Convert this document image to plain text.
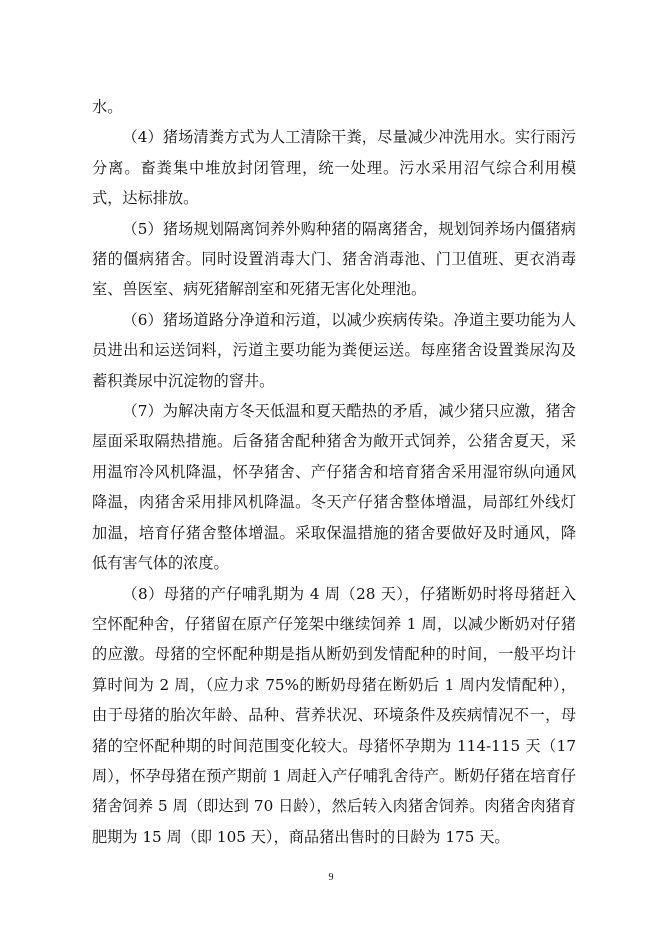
水。

（4）猪场清粪方式为人工清除干粪，尽量减少冲洗用水。实行雨污分离。畜粪集中堆放封闭管理，统一处理。污水采用沼气综合利用模式，达标排放。

（5）猪场规划隔离饲养外购种猪的隔离猪舍，规划饲养场内僵猪病猪的僵病猪舍。同时设置消毒大门、猪舍消毒池、门卫值班、更衣消毒室、兽医室、病死猪解剖室和死猪无害化处理池。

（6）猪场道路分净道和污道，以减少疾病传染。净道主要功能为人员进出和运送饲料，污道主要功能为粪便运送。每座猪舍设置粪尿沟及蓄积粪尿中沉淀物的窨井。

（7）为解决南方冬天低温和夏天酷热的矛盾，减少猪只应激，猪舍屋面采取隔热措施。后备猪舍配种猪舍为敞开式饲养，公猪舍夏天，采用温帘冷风机降温，怀孕猪舍、产仔猪舍和培育猪舍采用湿帘纵向通风降温，肉猪舍采用排风机降温。冬天产仔猪舍整体增温，局部红外线灯加温，培育仔猪舍整体增温。采取保温措施的猪舍要做好及时通风，降低有害气体的浓度。

（8）母猪的产仔哺乳期为 4 周（28 天），仔猪断奶时将母猪赶入空怀配种舍，仔猪留在原产仔笼架中继续饲养 1 周，以减少断奶对仔猪的应激。母猪的空怀配种期是指从断奶到发情配种的时间，一般平均计算时间为 2 周，（应力求 75%的断奶母猪在断奶后 1 周内发情配种），由于母猪的胎次年龄、品种、营养状况、环境条件及疾病情况不一，母猪的空怀配种期的时间范围变化较大。母猪怀孕期为 114-115 天（17 周），怀孕母猪在预产期前 1 周赶入产仔哺乳舍待产。断奶仔猪在培育仔猪舍饲养 5 周（即达到 70 日龄），然后转入肉猪舍饲养。肉猪舍肉猪育肥期为 15 周（即 105 天），商品猪出售时的日龄为 175 天。

9
